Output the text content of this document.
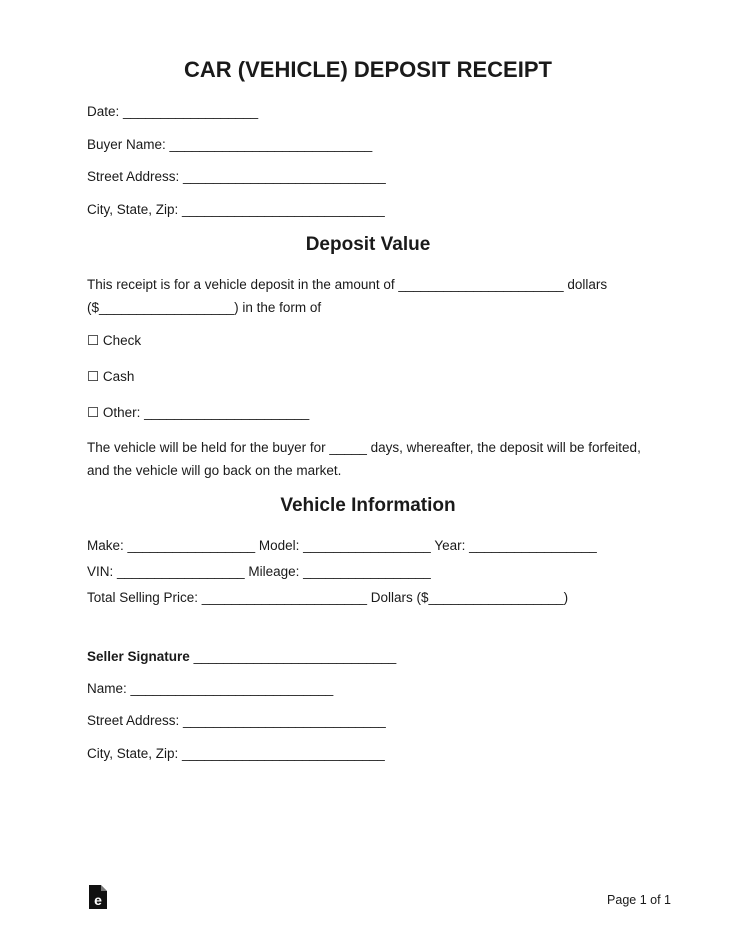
CAR (VEHICLE) DEPOSIT RECEIPT
Date: __________________
Buyer Name: ___________________________
Street Address: ___________________________
City, State, Zip: ___________________________
Deposit Value
This receipt is for a vehicle deposit in the amount of ______________________ dollars
($__________________) in the form of
☐ Check
☐ Cash
☐ Other: ______________________
The vehicle will be held for the buyer for _____ days, whereafter, the deposit will be forfeited,
and the vehicle will go back on the market.
Vehicle Information
Make: _________________ Model: _________________ Year: _________________
VIN: _________________ Mileage: _________________
Total Selling Price: ______________________ Dollars ($__________________)
Seller Signature ___________________________
Name: ___________________________
Street Address: ___________________________
City, State, Zip: ___________________________
e	Page 1 of 1
